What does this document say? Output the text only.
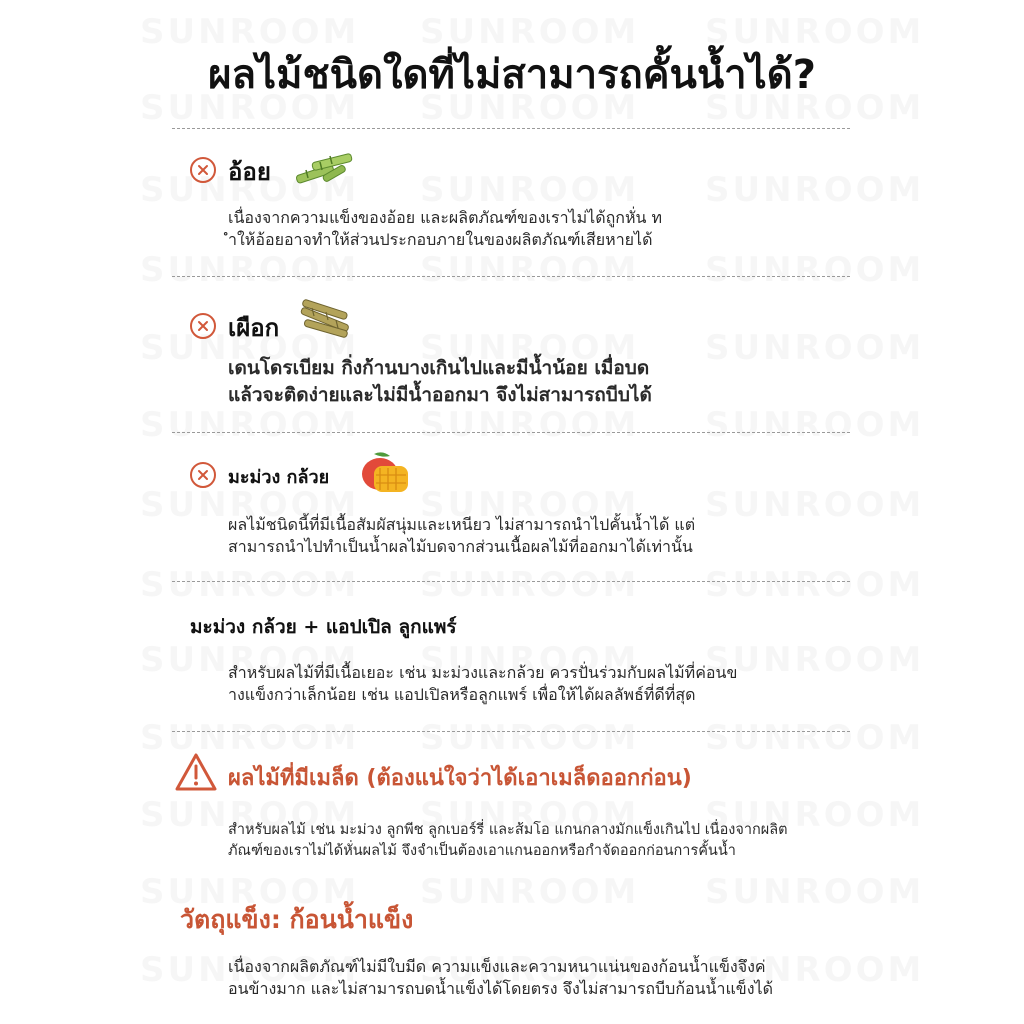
ผลไม้ชนิดใดที่ไม่สามารถคั้นน้ำได้?
อ้อย

เนื่องจากความแข็งของอ้อย และผลิตภัณฑ์ของเราไม่ได้ถูกหั่น ท
ำให้อ้อยอาจทำให้ส่วนประกอบภายในของผลิตภัณฑ์เสียหายได้

เผือก

เดนโดรเบียม กิ่งก้านบางเกินไปและมีน้ำน้อย เมื่อบด
แล้วจะติดง่ายและไม่มีน้ำออกมา จึงไม่สามารถบีบได้

มะม่วง กล้วย

ผลไม้ชนิดนี้ที่มีเนื้อสัมผัสนุ่มและเหนียว ไม่สามารถนำไปคั้นน้ำได้ แต่
สามารถนำไปทำเป็นน้ำผลไม้บดจากส่วนเนื้อผลไม้ที่ออกมาได้เท่านั้น

มะม่วง กล้วย + แอปเปิล ลูกแพร์

สำหรับผลไม้ที่มีเนื้อเยอะ เช่น มะม่วงและกล้วย ควรปั่นร่วมกับผลไม้ที่ค่อนข
างแข็งกว่าเล็กน้อย เช่น แอปเปิลหรือลูกแพร์ เพื่อให้ได้ผลลัพธ์ที่ดีที่สุด

ผลไม้ที่มีเมล็ด (ต้องแน่ใจว่าได้เอาเมล็ดออกก่อน)

สำหรับผลไม้ เช่น มะม่วง ลูกพีช ลูกเบอร์รี่ และส้มโอ แกนกลางมักแข็งเกินไป เนื่องจากผลิต
ภัณฑ์ของเราไม่ได้หั่นผลไม้ จึงจำเป็นต้องเอาแกนออกหรือกำจัดออกก่อนการคั้นน้ำ

วัตถุแข็ง: ก้อนน้ำแข็ง

เนื่องจากผลิตภัณฑ์ไม่มีใบมีด ความแข็งและความหนาแน่นของก้อนน้ำแข็งจึงค่
อนข้างมาก และไม่สามารถบดน้ำแข็งได้โดยตรง จึงไม่สามารถบีบก้อนน้ำแข็งได้
